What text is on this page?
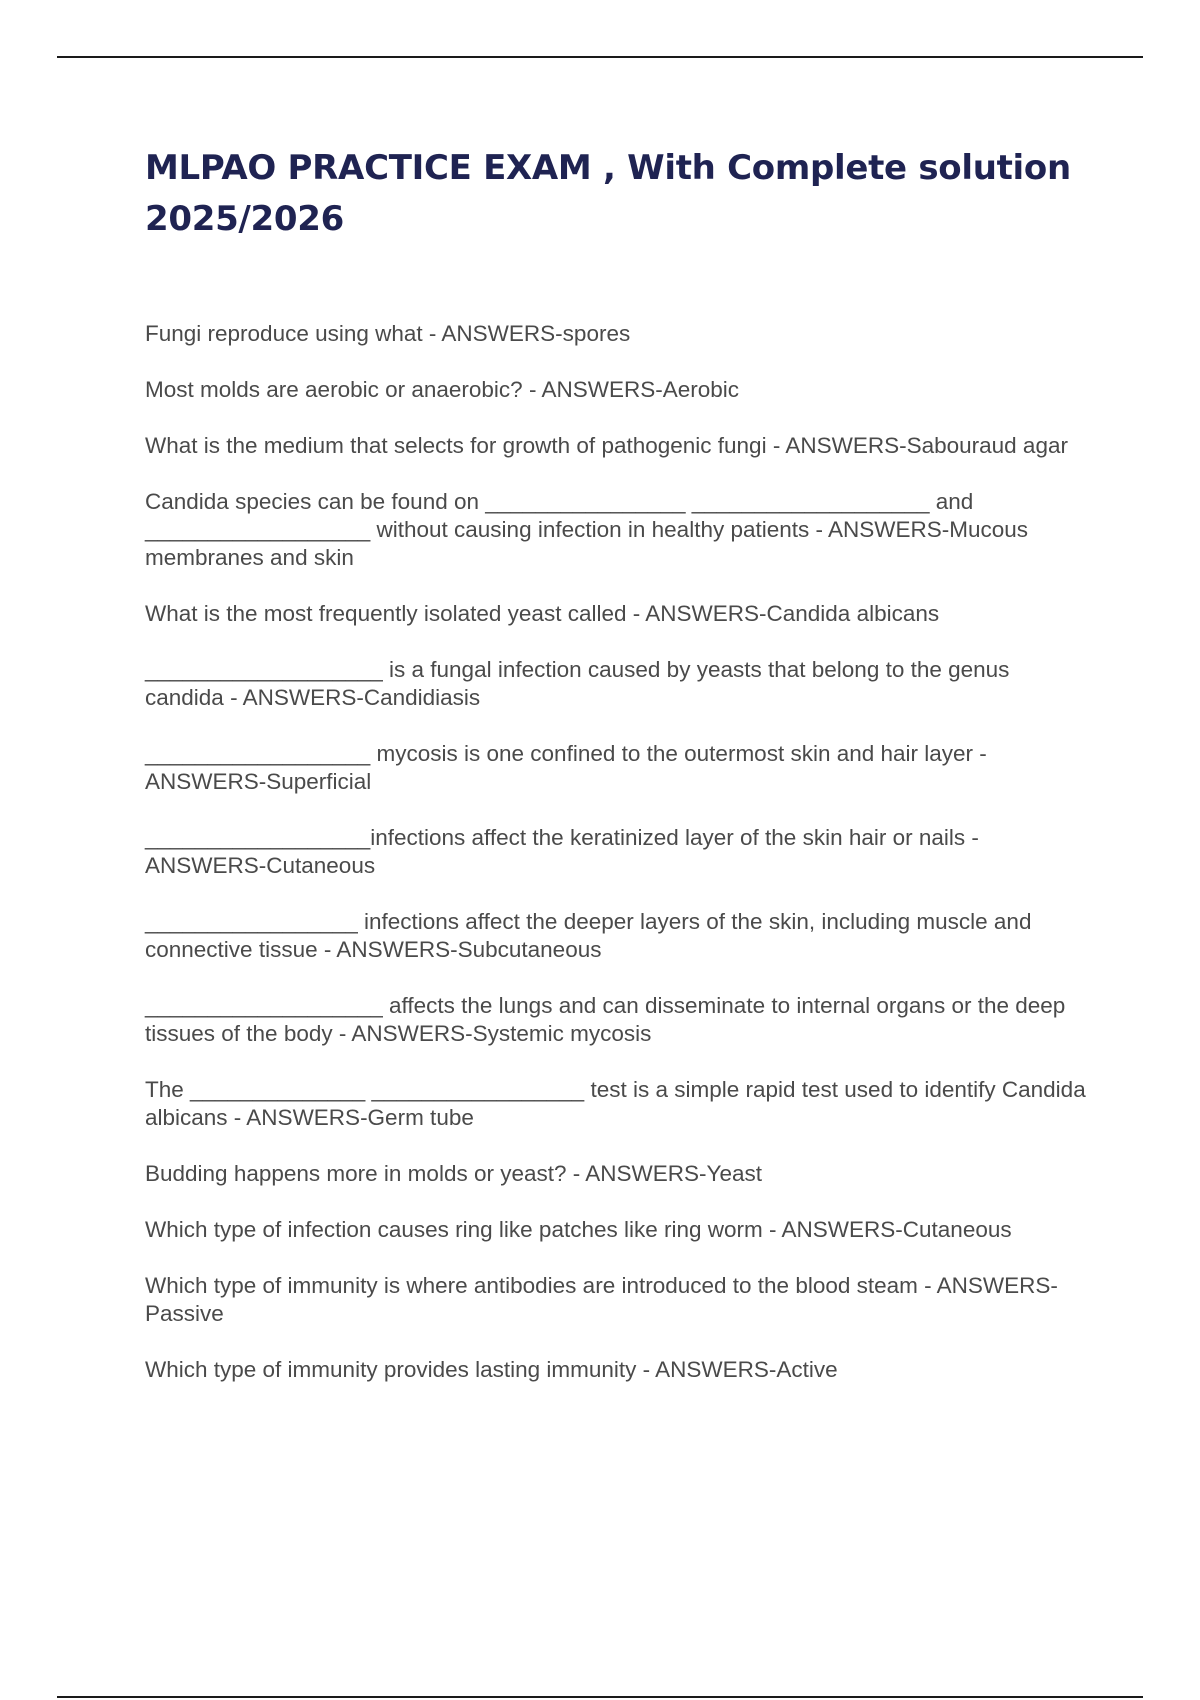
MLPAO PRACTICE EXAM , With Complete solution
2025/2026
Fungi reproduce using what - ANSWERS-spores
Most molds are aerobic or anaerobic? - ANSWERS-Aerobic
What is the medium that selects for growth of pathogenic fungi - ANSWERS-Sabouraud agar
Candida species can be found on ________________ ___________________ and __________________ without causing infection in healthy patients - ANSWERS-Mucous membranes and skin
What is the most frequently isolated yeast called - ANSWERS-Candida albicans
___________________ is a fungal infection caused by yeasts that belong to the genus candida - ANSWERS-Candidiasis
__________________ mycosis is one confined to the outermost skin and hair layer - ANSWERS-Superficial
__________________infections affect the keratinized layer of the skin hair or nails - ANSWERS-Cutaneous
_________________ infections affect the deeper layers of the skin, including muscle and connective tissue - ANSWERS-Subcutaneous
___________________ affects the lungs and can disseminate to internal organs or the deep tissues of the body - ANSWERS-Systemic mycosis
The ______________ _________________ test is a simple rapid test used to identify Candida albicans - ANSWERS-Germ tube
Budding happens more in molds or yeast? - ANSWERS-Yeast
Which type of infection causes ring like patches like ring worm - ANSWERS-Cutaneous
Which type of immunity is where antibodies are introduced to the blood steam - ANSWERS-Passive
Which type of immunity provides lasting immunity - ANSWERS-Active
